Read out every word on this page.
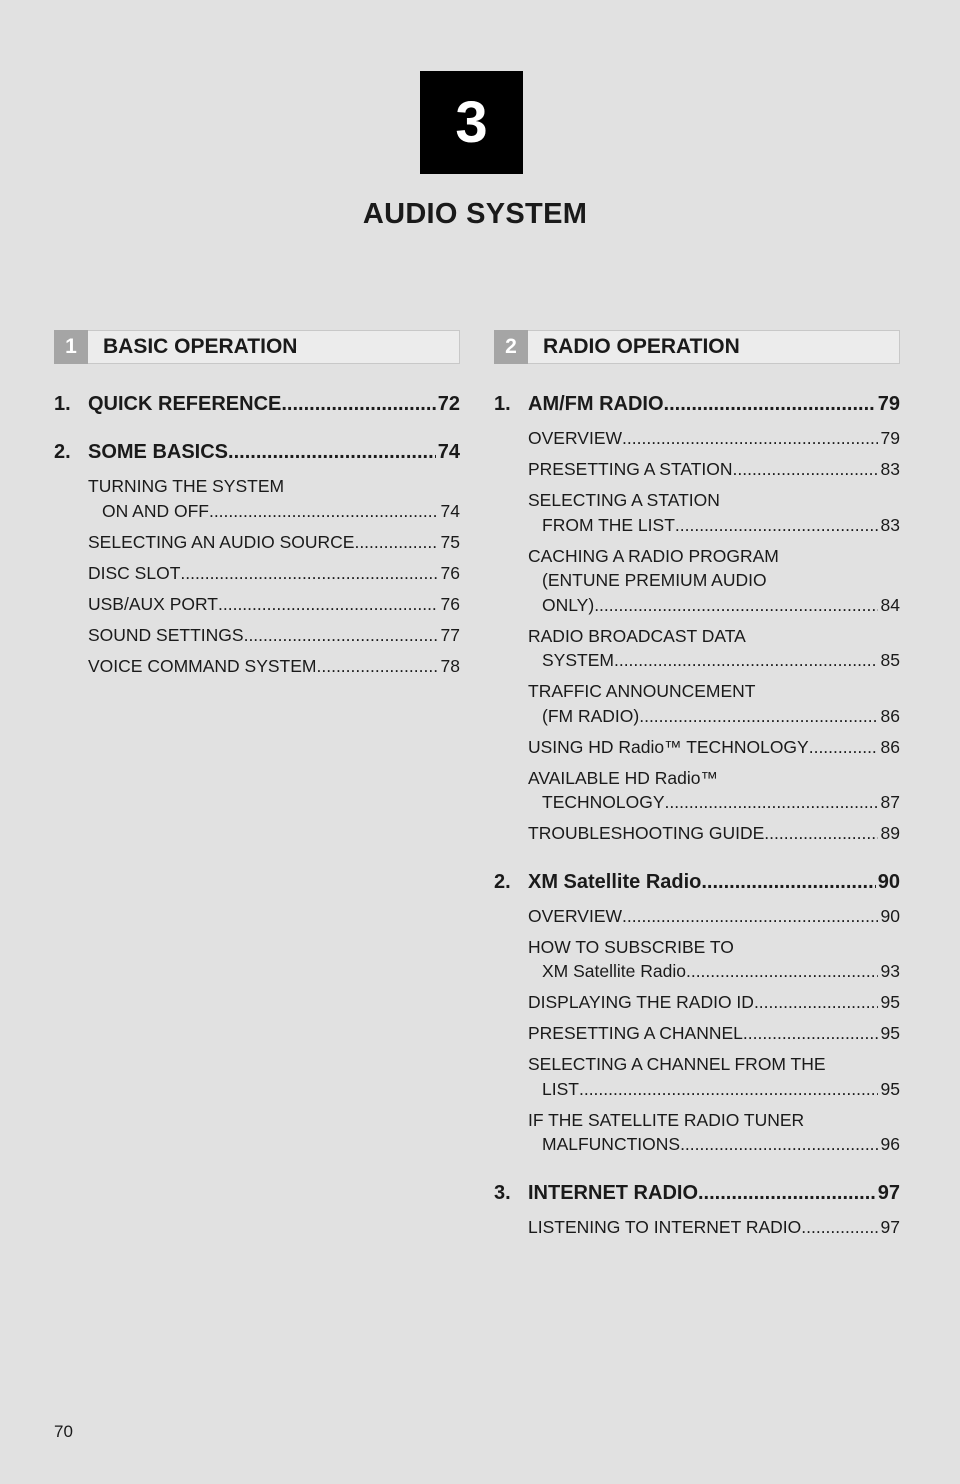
3
AUDIO SYSTEM
1	BASIC OPERATION
1. QUICK REFERENCE .....	72
2. SOME BASICS .....	74
TURNING THE SYSTEM
ON AND OFF .....	74
SELECTING AN AUDIO SOURCE .....	75
DISC SLOT .....	76
USB/AUX PORT .....	76
SOUND SETTINGS .....	77
VOICE COMMAND SYSTEM .....	78
2	RADIO OPERATION
1. AM/FM RADIO .....	79
OVERVIEW .....	79
PRESETTING A STATION .....	83
SELECTING A STATION
FROM THE LIST .....	83
CACHING A RADIO PROGRAM
(ENTUNE PREMIUM AUDIO
ONLY) .....	84
RADIO BROADCAST DATA
SYSTEM .....	85
TRAFFIC ANNOUNCEMENT
(FM RADIO) .....	86
USING HD Radio™ TECHNOLOGY .....	86
AVAILABLE HD Radio™
TECHNOLOGY .....	87
TROUBLESHOOTING GUIDE .....	89
2. XM Satellite Radio .....	90
OVERVIEW .....	90
HOW TO SUBSCRIBE TO
XM Satellite Radio .....	93
DISPLAYING THE RADIO ID .....	95
PRESETTING A CHANNEL .....	95
SELECTING A CHANNEL FROM THE
LIST .....	95
IF THE SATELLITE RADIO TUNER
MALFUNCTIONS .....	96
3. INTERNET RADIO .....	97
LISTENING TO INTERNET RADIO .....	97
70
